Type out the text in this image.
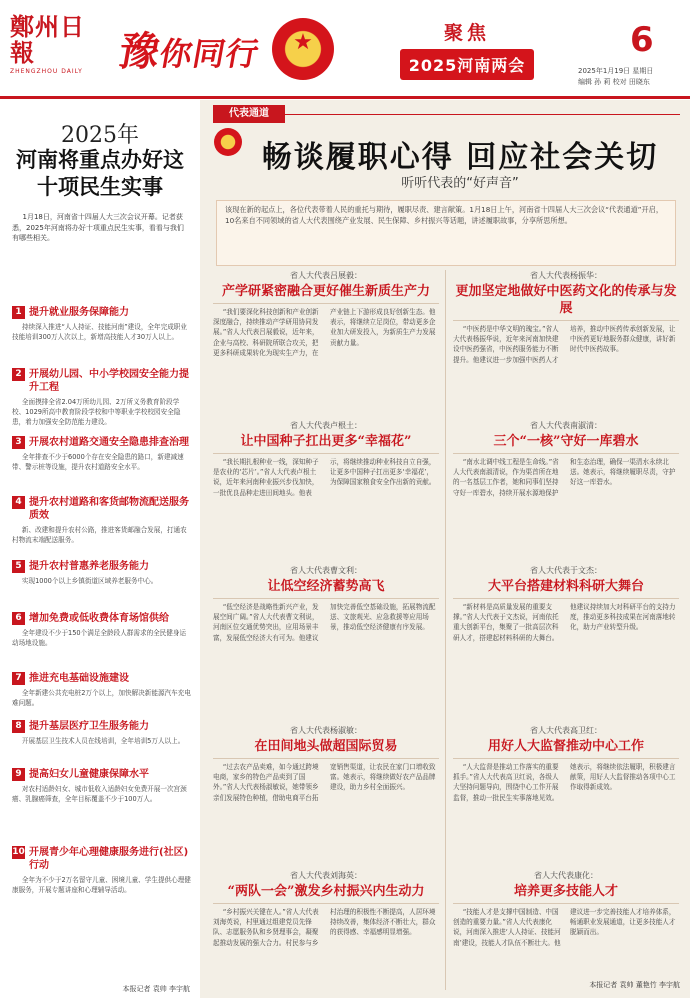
鄭州日報
ZHENGZHOU DAILY 豫你同行	★	聚焦
2025河南两会
6
2025年1月19日 星期日
编辑 孙 莉 校对 田晓东
2025年
河南将重点办好这十项民生实事
1月18日，河南省十四届人大三次会议开幕。记者获悉，2025年河南将办好十项重点民生实事，看看与我们有哪些相关。
1 提升就业服务保障能力
持续深入推进“人人持证、技能河南”建设，全年完成职业技能培训300万人次以上，新增高技能人才30万人以上。
2 开展幼儿园、中小学校园安全能力提升工程
全面摸排全省2.04万所幼儿园、2万所义务教育阶段学校、1029所高中教育阶段学校和中等职业学校校园安全隐患，着力加强安全防范能力建设。
3 开展农村道路交通安全隐患排查治理
全年排查不少于6000个存在安全隐患的路口，新建减速带、警示桩等设施，提升农村道路安全水平。
4 提升农村道路和客货邮物流配送服务质效
新、改建和提升农村公路，推进客货邮融合发展，打通农村物流末端配送服务。
5 提升农村普惠养老服务能力
实现1000个以上乡镇街道区域养老服务中心。
6 增加免费或低收费体育场馆供给
全年建设不少于150个满足全龄段人群需求的全民健身运动场地设施。
7 推进充电基础设施建设
全年新建公共充电桩2万个以上，加快解决新能源汽车充电难问题。
8 提升基层医疗卫生服务能力
开展基层卫生技术人员在线培训，全年培训5万人以上。
9 提高妇女儿童健康保障水平
对农村适龄妇女、城市低收入适龄妇女免费开展一次宫颈癌、乳腺癌筛查，全年目标覆盖不少于100万人。
10 开展青少年心理健康服务进行(社区)行动
全年为不少于2万名留守儿童、困境儿童、学生提供心理健康服务，开展专题讲座和心理辅导活动。
本报记者 袁帅 李宇航
代表通道
畅谈履职心得 回应社会关切
听听代表的“好声音”

该现在新的起点上，各位代表带着人民的重托与期待，履职尽责、建言献策。1月18日上午，河南省十四届人大三次会议“代表通道”开启，10名来自不同领域的省人大代表围绕产业发展、民生保障、乡村振兴等话题，讲述履职故事，分享所思所想。

省人大代表吕展毅：
产学研紧密融合更好催生新质生产力
“我们要深化科技创新和产业创新深度融合，持续推动产学研用协同发展。”省人大代表吕展毅说，近年来，企业与高校、科研院所联合攻关，把更多科研成果转化为现实生产力，在产业链上下游形成良好创新生态。他表示，将继续立足岗位，带动更多企业加大研发投入，为新质生产力发展贡献力量。
省人大代表卢根土：
让中国种子扛出更多“幸福花”
“我长期扎根种业一线，深知种子是农业的‘芯片’。”省人大代表卢根土说，近年来河南种业振兴步伐加快，一批优良品种走进田间地头。他表示，将继续推动种业科技自立自强，让更多中国种子扛出更多‘幸福花’，为保障国家粮食安全作出新的贡献。
省人大代表曹文利：
让低空经济蓄势高飞
“低空经济是战略性新兴产业，发展空间广阔。”省人大代表曹文利说，河南区位交通优势突出，应用场景丰富，发展低空经济大有可为。他建议加快完善低空基础设施，拓展物流配送、文旅观光、应急救援等应用场景，推动低空经济健康有序发展。
省人大代表杨淑敏：
在田间地头做超国际贸易
“过去农产品卖难，如今通过跨境电商，家乡的特色产品卖到了国外。”省人大代表杨淑敏说，她带领乡亲们发展特色种植，借助电商平台拓宽销售渠道，让农民在家门口增收致富。她表示，将继续做好农产品品牌建设，助力乡村全面振兴。
省人大代表刘海英：
“两队一会”激发乡村振兴内生动力
“乡村振兴关键在人。”省人大代表刘海英说，村里通过组建党员先锋队、志愿服务队和乡贤理事会，凝聚起推动发展的强大合力。村民参与乡村治理的积极性不断提高，人居环境持续改善，集体经济不断壮大，群众的获得感、幸福感明显增强。
省人大代表杨振华：
更加坚定地做好中医药文化的传承与发展
“中医药是中华文明的瑰宝。”省人大代表杨振华说，近年来河南加快建设中医药强省，中医药服务能力不断提升。他建议进一步加强中医药人才培养，推动中医药传承创新发展，让中医药更好地服务群众健康，讲好新时代中医药故事。
省人大代表南淑清：
三个“一核”守好一库碧水
“南水北调中线工程是生命线。”省人大代表南淑清说，作为渠首所在地的一名基层工作者，她和同事们坚持守好一库碧水，持续开展水源地保护和生态治理，确保一渠清水永续北送。她表示，将继续履职尽责，守护好这一库碧水。
省人大代表于文杰：
大平台搭建材料科研大舞台
“新材料是高质量发展的重要支撑。”省人大代表于文杰说，河南依托重大创新平台，集聚了一批高层次科研人才，搭建起材料科研的大舞台。他建议持续加大对科研平台的支持力度，推动更多科技成果在河南落地转化，助力产业转型升级。
省人大代表高卫红：
用好人大监督推动中心工作
“人大监督是推动工作落实的重要抓手。”省人大代表高卫红说，各级人大坚持问题导向，围绕中心工作开展监督，推动一批民生实事落地见效。她表示，将继续依法履职，积极建言献策，用好人大监督推动各项中心工作取得新成效。
省人大代表康化：
培养更多技能人才
“技能人才是支撑中国制造、中国创造的重要力量。”省人大代表康化说，河南深入推进‘人人持证、技能河南’建设，技能人才队伍不断壮大。他建议进一步完善技能人才培养体系，畅通职业发展通道，让更多技能人才脱颖而出。
本报记者 袁帅 董艳竹 李宇航
